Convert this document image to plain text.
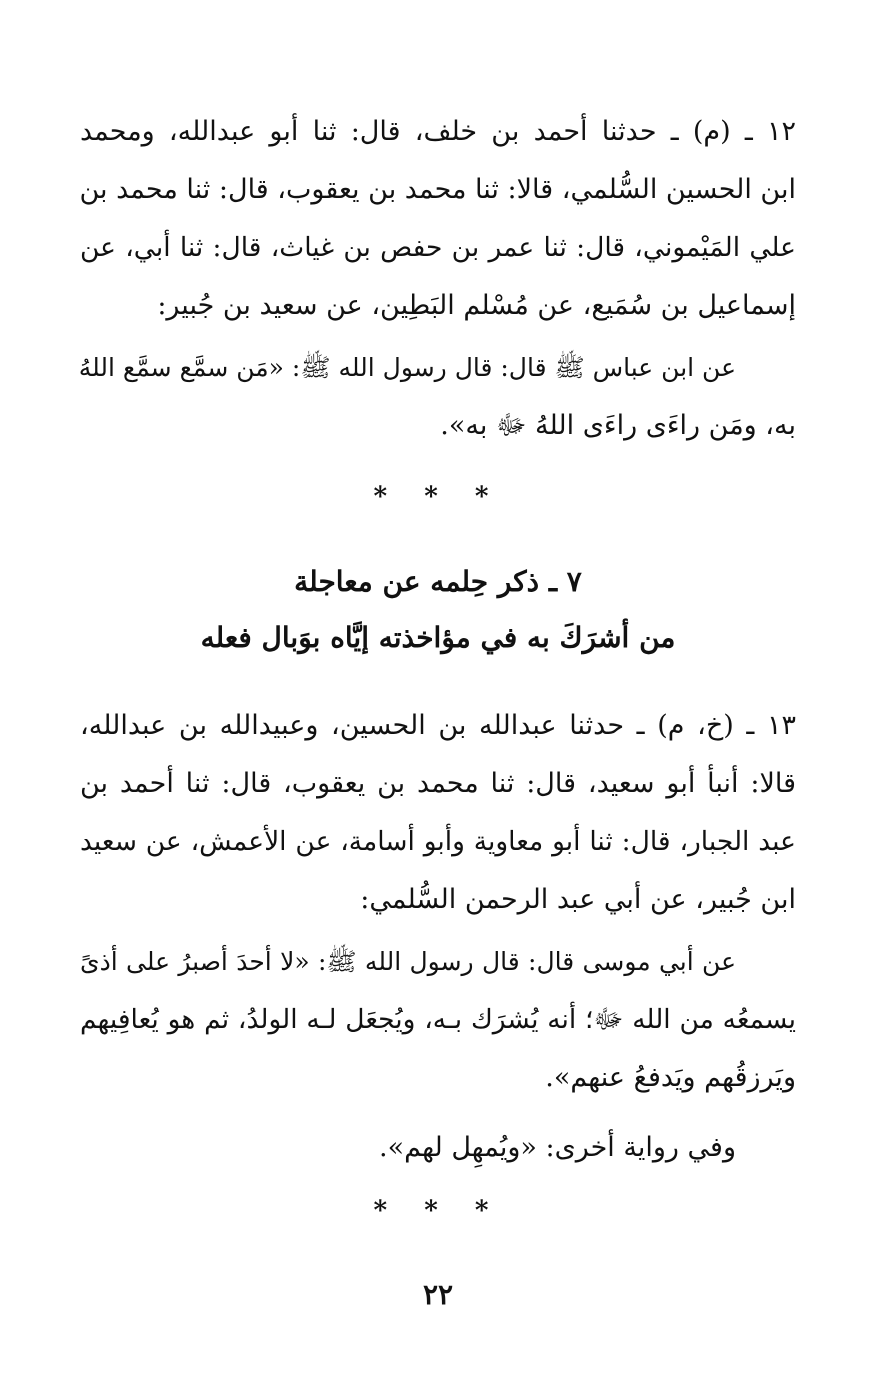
١٢ ـ (م) ـ حدثنا أحمد بن خلف، قال: ثنا أبو عبدالله، ومحمد
ابن الحسين السُّلمي، قالا: ثنا محمد بن يعقوب، قال: ثنا محمد بن
علي المَيْموني، قال: ثنا عمر بن حفص بن غياث، قال: ثنا أبي، عن
إسماعيل بن سُمَيع، عن مُسْلم البَطِين، عن سعيد بن جُبير:
عن ابن عباس ﷺ قال: قال رسول الله ﷺ: «مَن سمَّع سمَّع اللهُ
به، ومَن راءَى راءَى اللهُ ﷻ به».
* * *
٧ ـ ذكر حِلمه عن معاجلة
من أشرَكَ به في مؤاخذته إيَّاه بوَبال فعله
١٣ ـ (خ، م) ـ حدثنا عبدالله بن الحسين، وعبيدالله بن عبدالله،
قالا: أنبأ أبو سعيد، قال: ثنا محمد بن يعقوب، قال: ثنا أحمد بن
عبد الجبار، قال: ثنا أبو معاوية وأبو أسامة، عن الأعمش، عن سعيد
ابن جُبير، عن أبي عبد الرحمن السُّلمي:
عن أبي موسى قال: قال رسول الله ﷺ: «لا أحدَ أصبرُ على أذىً
يسمعُه من الله ﷻ؛ أنه يُشرَك بـه، ويُجعَل لـه الولدُ، ثم هو يُعافِيهم
ويَرزقُهم ويَدفعُ عنهم».
وفي رواية أخرى: «ويُمهِل لهم».
* * *
٢٢
